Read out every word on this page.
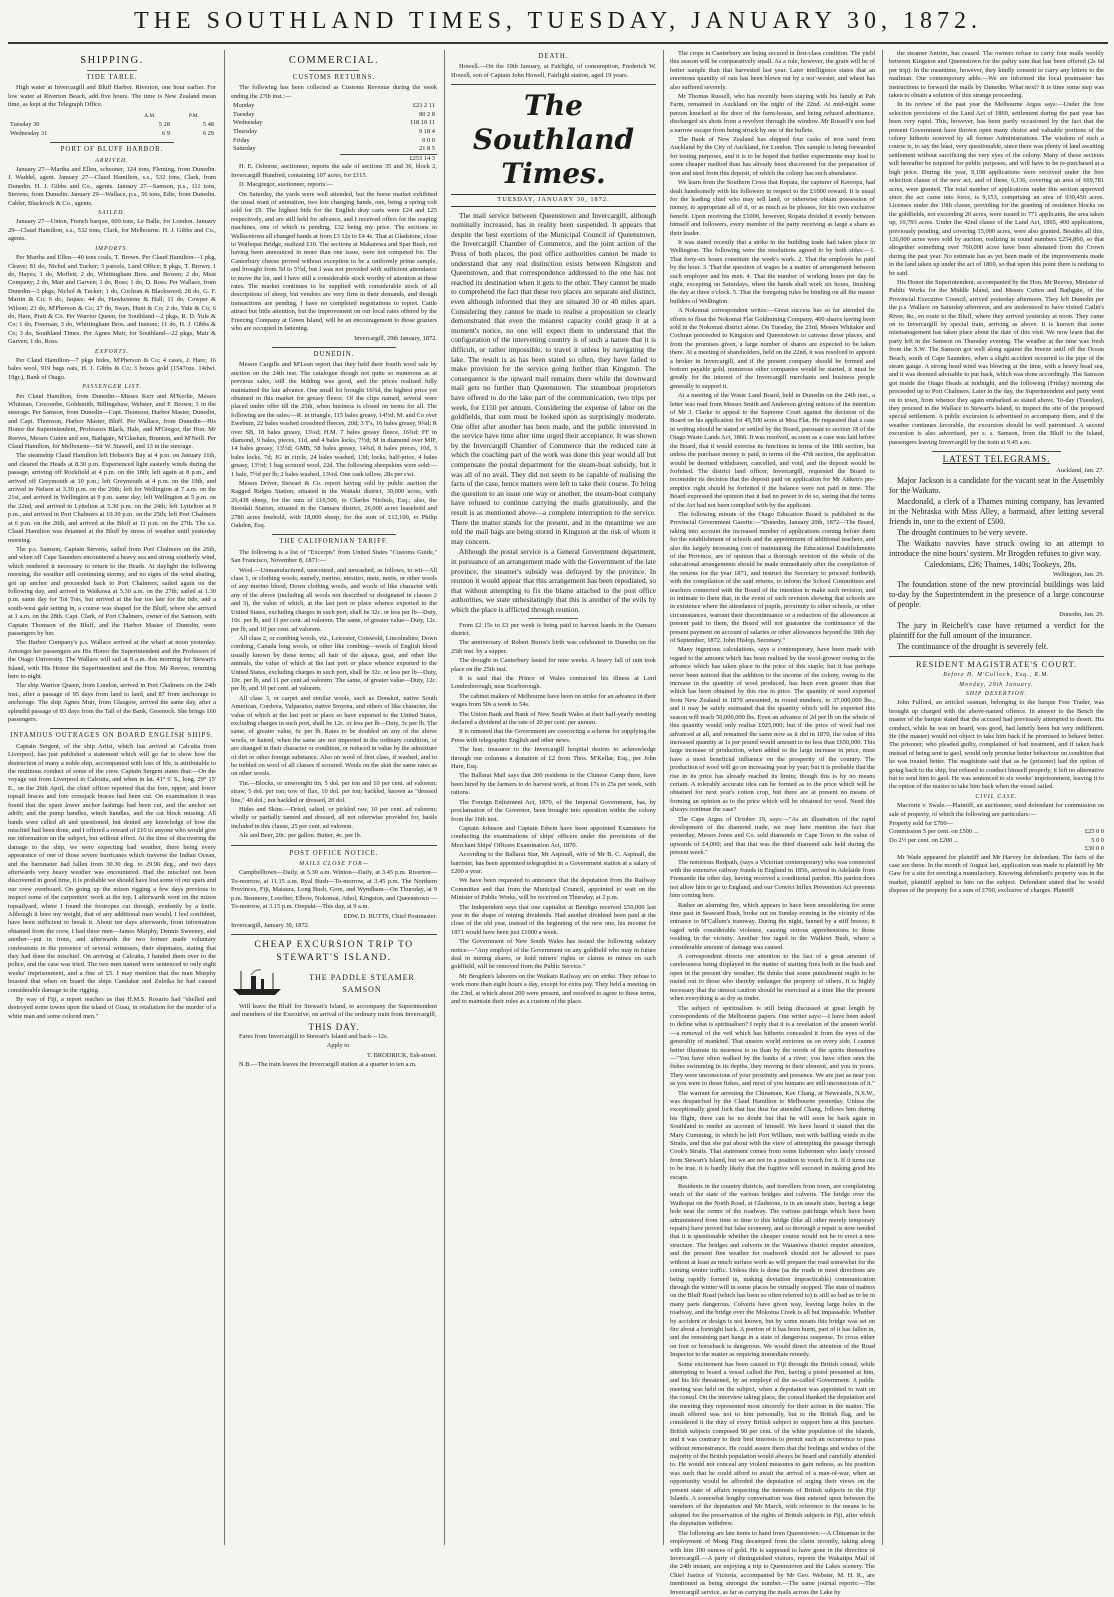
THE SOUTHLAND TIMES, TUESDAY, JANUARY 30, 1872.
SHIPPING.
TIDE TABLE.

High water at Invercargill and Bluff Harbor. Riverton, one hour earlier. For low water at Riverton Beach, add five hours. The time is New Zealand mean time, as kept at the Telegraph Office.

	A.M.	P.M.
Tuesday 30	5 28	5 48
Wednesday 31	6 9	6 29
PORT OF BLUFF HARBOR.
ARRIVED.

January 27—Martha and Ellen, schooner, 124 tons, Fleming, from Dunedin. J. Waddel, agent. January 27—Claud Hamilton, s.s., 532 tons, Clark, from Dunedin. H. J. Gibbs and Co., agents. January 27—Samson, p.s., 111 tons, Stevens, from Dunedin. January 29—Wallace, p.s., 56 tons, Edie, from Dunedin. Cabler, Blackrock & Co., agents.

SAILED.

January 27—Union, French barque, 600 tons, Le Balle, for London. January 29—Claud Hamilton, s.s., 532 tons, Clark, for Melbourne. H. J. Gibbs and Co., agents.

IMPORTS.

Per Martha and Ellen—40 tons coals, T. Brown. Per Claud Hamilton—1 pkg, Cleave; 81 do, Nichol and Tucker; 3 parcels, Land Office; 8 pkgs, T. Brown; 1 do, Hayes; 1 do, Moffett; 2 do, Whittingham Bros. and Bowen; 2 do, Meat Company; 2 do, Mair and Garven; 1 do, Ross; 1 do, D. Ross. Per Wallace, from Dunedin—3 pkgs, Nichol & Tucker; 1 do, Cochran & Blackwood; 28 do, G. F. Martin & Co; 6 do, Jaques; 44 do, Hawkestone & Hall; 11 do, Cowper & Wilson; 23 do, M'Pherson & Co; 27 do, Swan, Hunt & Co; 2 do, Yule & Co; 6 do, Hare, Pratt & Co. Per Warrior Queen, for Southland—2 pkgs, R. D. Yule & Co; 1 do, Freeman; 3 do, Whittingham Bros. and Instone; 11 do, H. J. Gibbs & Co; 3 do, Southland Times. Per Agnes Muir, for Southland—22 pkgs, Mair & Garven; 1 do, Ross.

EXPORTS.

Per Claud Hamilton—7 pkgs hides, M'Pherson & Co; 4 cases, J. Hare; 16 bales wool, 919 bags oats, H. J. Gibbs & Co; 3 boxes gold (1547ozs. 14dwt. 19gr.), Bank of Otago.

PASSENGER LIST.

Per Claud Hamilton, from Dunedin—Misses Kerr and M'Kerlie, Messrs Whitman, Crocombe, Goldsmith, Billingshaw, Webster, and F. Brown; 3 in the steerage. Per Samson, from Dunedin—Capt. Thomson, Harbor Master, Dunedin, and Capt. Thomson, Harbor Master, Bluff. Per Wallace, from Dunedin—His Honor the Superintendent, Professors Black, Hale, and M'Gregor, the Hon. Mr Reeves, Messrs Cutten and son, Bathgate, M'Glashan, Brunton, and M'Neill. Per Claud Hamilton, for Melbourne—Sir W. Stawell, and 13 in the steerage.

The steamship Claud Hamilton left Hobson's Bay at 4 p.m. on January 11th, and cleared the Heads at 8.30 p.m. Experienced light easterly winds during the passage, arriving off Rockfield at 4 p.m. on the 18th; left again at 8 p.m., and arrived off Greymouth at 10 p.m.; left Greymouth at 4 p.m. on the 19th, and arrived in Nelson at 3.30 p.m. on the 20th; left for Wellington at 7 a.m. on the 21st, and arrived in Wellington at 9 p.m. same day; left Wellington at 5 p.m. on the 22nd, and arrived in Lyttelton at 5.30 p.m. on the 24th; left Lyttelton at 9 p.m., and arrived in Port Chalmers at 10.30 p.m. on the 25th; left Port Chalmers at 6 p.m. on the 26th, and arrived at the Bluff at 11 p.m. on the 27th. The s.s. Claud Hamilton was detained at the Bluff by stress of weather until yesterday morning.

The p.s. Samson, Captain Stevens, sailed from Port Chalmers on the 26th, and when off Cape Saunders encountered a heavy sea and strong southerly wind, which rendered it necessary to return to the Heads. At daylight the following morning, the weather still continuing stormy, and no signs of the wind abating, got up anchor and proceeded back to Port Chalmers; sailed again on the following day, and arrived in Waikawa at 5.30 a.m. on the 27th; sailed at 1.30 p.m. same day for Toi Tois, but arrived at the bar too late for the tide, and a south-west gale setting in, a course was shaped for the Bluff, where she arrived at 1 a.m. on the 28th. Capt. Clark, of Port Chalmers, owner of the Samson, with Captain Thomson of the Bluff, and the Harbor Master of Dunedin, were passengers by her.

The Harbor Company's p.s. Wallace arrived at the wharf at noon yesterday. Amongst her passengers are His Honor the Superintendent and the Professors of the Otago University. The Wallace will sail at 8 a.m. this morning for Stewart's Island, with His Honor the Superintendent and the Hon. Mr Reeves, returning here to-night.

The ship Warrior Queen, from London, arrived in Port Chalmers on the 24th inst., after a passage of 95 days from land to land, and 87 from anchorage to anchorage. The ship Agnes Muir, from Glasgow, arrived the same day, after a splendid passage of 83 days from the Tail of the Bank, Greenock. She brings 160 passengers.

INFAMOUS OUTRAGES ON BOARD ENGLISH SHIPS.

Captain Sergent, of the ship Artist, which has arrived at Calcutta from Liverpool, has just published a statement which will go far to show how the destruction of many a noble ship, accompanied with loss of life, is attributable to the mutinous conduct of some of the crew. Captain Sergent states that:—On the voyage out from Liverpool to Calcutta, and when in lat. 41° 6' S., long. 29° 15' E., on the 26th April, the chief officer reported that the fore, upper, and lower topsail braces and fore crossjack braces had been cut. On examination it was found that the spare lower anchor lashings had been cut, and the anchor set adrift; and the pump handles, winch handles, and the cat block missing. All hands were called aft and questioned, but denied any knowledge of how the mischief had been done, and I offered a reward of £10 to anyone who would give me information on the subject, but without effect. At the time of discovering the damage to the ship, we were expecting bad weather, there being every appearance of one of those severe hurricanes which traverse the Indian Ocean, and the barometer had fallen from 30.30 deg. to 29.96 deg., and two days afterwards very heavy weather was encountered. Had the mischief not been discovered in good time, it is probable we should have lost some of our spars and our crew overboard. On going up the mizen rigging a few days previous to inspect some of the carpenters' work at the top, I afterwards went on the mizen topsailyard, where I found the footropes cut through, evidently by a knife. Although it bore my weight, that of any additional man would, I feel confident, have been sufficient to break it. About ten days afterwards, from information obtained from the crew, I had three men—James Murphy, Dennis Sweeney, and another—put in irons, and afterwards the two former made voluntary confessions in the presence of several witnesses, their shipmates, stating that they had done the mischief. On arriving at Calcutta, I handed them over to the police, and the case was tried. The two men named were sentenced to only eight weeks' imprisonment, and a fine of £5. I may mention that the man Murphy boasted that when on board the ships Candahar and Zuleika he had caused considerable damage to the rigging.

By way of Fiji, a report reaches us that H.M.S. Rosario had "shelled and destroyed some towns upon the island of Guau, in retaliation for the murder of a white man and some colored men."

COMMERCIAL.
CUSTOMS RETURNS.

The following has been collected as Customs Revenue during the week ending the 27th inst.:—

Monday	£23 2 11
Tuesday	80 2 8
Wednesday	118 10 11
Thursday	9 18 4
Friday	0 0 0
Saturday	21 8 5
	£253 14 3

H. E. Osborne, auctioneer, reports the sale of sections 35 and 36, block 2, Invercargill Hundred, containing 107 acres, for £115.

D. Macgregor, auctioneer, reports:—

On Saturday, the yards were well attended, but the horse market exhibited the usual want of animation, two lots changing hands, one, being a spring colt sold for £9. The highest bids for the English dray carts were £24 and £25 respectively, and are still held for advance, and I received offers for the reaping machines, one of which is pending, £32 being my price. The sections in Wallacetown all changed hands at from £3 12s to £4 4s. That at Gladstone, close to Waihopai Bridge, realized £10. The sections at Makarewa and Spar Bush, not having been announced in more than one issue, were not competed for. The Canterbury cheese proved without exception to be a uniformly prime sample, and brought from 5d to 5½d, but I was not provided with sufficient attendance to move the lot, and I have still a considerable stock worthy of attention at these rates. The market continues to be supplied with considerable stock of all descriptions of sheep, but vendors are very firm in their demands, and though transactions are pending, I have no completed negotiations to report. Cattle attract but little attention, but the improvement on our local rates offered by the Freezing Company at Green Island, will be an encouragement to those graziers who are occupied in fattening.

Invercargill, 29th January, 1872.

DUNEDIN.

Messrs Cargills and M'Lean report that they held their fourth wool sale by auction on the 24th inst. The catalogue though not quite so numerous as at previous sales, still the bidding was good, and the prices realised fully maintained the late advance. One small lot brought 16¾d, the highest price yet obtained in this market for greasy fleece. Of the clips named, several were placed under offer till the 25th, when business is closed on terms for all. The following are the sales:—R. in triangle, 115 bales greasy, 14½d; M. and Co over Ewebum, 22 bales washed crossbred fleeces, 20d; 3 T's, 16 bales greasy, 9¾d; R over SB, 18 bales greasy, 13¼d; H.M. 7 bales greasy fleece, 16¾d; FF in diamond, 9 bales, pieces, 11d, and 4 bales locks, 7½d; M in diamond over MIF, 14 bales greasy, 13½d; GMB, 58 bales greasy, 14¾d, 8 bales pieces, 10d, 3 bales locks, 7d; JG in circle, 24 bales washed, 13d; locks, half-price, 4 bales greasy, 13½d; 1 bag scoured wool, 22d. The following sheepskins were sold:—1 bale, 7½d per lb; 2 bales washed, 13¼d. One cask tallow, 28s per cwt.

Messrs Driver, Stewart & Co. report having sold by public auction the Ragged Ridges Station, situated in the Waitaki district, 30,000 acres, with 26,438 sheep, for the sum of £16,500, to Charles Nichols, Esq.; also, the Stoodali Station, situated in the Oamaru district, 26,000 acres leasehold and 2780 acres freehold, with 18,000 sheep, for the sum of £12,100, to Philip Oakden, Esq.

THE CALIFORNIAN TARIFF.

The following is a list of "Excerpts" from United States "Customs Guide," San Francisco, November 8, 1871:—

Wool.—Unmanufactured, unscoured, and unwashed, as follows, to wit—All class 1, or clothing wools, namely, merino, mestizo, metz, metis, or other wools of any merino blood, Down clothing wools, and wools of like character with any of the above (including all wools not described or designated in classes 2 and 3), the value of which, at the last port or place whence exported to the United States, excluding charges in such port, shall be 32c. or less per lb—Duty, 10c. per lb, and 11 per cent. ad valorem. The same, of greater value—Duty, 12c. per lb, and 10 per cent. ad valorem.

All class 2, or combing wools, viz., Leicester, Cotswold, Lincolnshire, Down combing, Canada long wools, or other like combing—wools of English blood usually known by these terms; all hair of the alpaca, goat, and other like animals, the value of which at the last port or place whence exported to the United States, excluding charges in such port, shall be 32c. or less per lb—Duty, 10c. per lb, and 11 per cent ad valorem. The same, of greater value—Duty, 12c. per lb, and 10 per cent. ad valorem.

All class 3, or carpet and similar wools, such as Donskoi, native South American, Cordova, Valparaiso, native Smyrna, and others of like character, the value of which at the last port or place so have exported to the United States, excluding charges in such port, shall be 12c. or less per lb—Duty, 3c per lb. The same, of greater value, 6c per lb. Rates to be doubled on any of the above wools, or haired, when the same are not imported in the ordinary condition, or are changed in their character or condition, or reduced in value by the admixture of dirt or other foreign substance. Also on wool of first class, if washed, and to be trebled on wool of all classes if scoured. Wools on the skin the same rates as on other wools.

Tin.—Blocks, or unwrought tin, 5 dol. per ton and 10 per cent. ad valorem; straw, 5 dol. per ton; tow of flax, 10 dol. per ton; hackled, known as "dressed line," 40 dol.; not hackled or dressed, 20 dol.

Hides and Skins.—Dried, salted, or pickled raw, 10 per cent. ad valorem; wholly or partially tanned and dressed, all not otherwise provided for, basils included in this clause, 25 per cent. ad valorem.

Ale and Beer, 20c. per gallon. Butter, 4c. per lb.

POST OFFICE NOTICE.
MAILS CLOSE FOR—

Campbelltown—Daily, at 5.30 a.m. Winton—Daily, at 3.45 p.m. Riverton—To-morrow, at 11.15 a.m. Ryal Bush—To-morrow, at 3.45 p.m. The Northern Provinces, Fiji, Mataura, Long Bush, Gore, and Wyndham—On Thursday, at 9 p.m. Benmore, Lowther, Elbow, Nokomai, Athol, Kingston, and Queenstown — To-morrow, at 3.15 p.m. Orepuki—This day, at 9 a.m.

EDW. D. BUTTS, Chief Postmaster.

Invercargill, January 30, 1872.

CHEAP EXCURSION TRIP TO STEWART'S ISLAND.
THE PADDLE STEAMER
SAMSON

Will leave the Bluff for Stewart's Island, to accompany the Superintendent and members of the Executive, on arrival of the ordinary train from Invercargill,

THIS DAY.

Fares from Invercargill to Stewart's Island and back—12s.

Apply to

T. BRODRICK, Esk-street.

N.B.—The train leaves the Invercargill station at a quarter to ten a.m.

DEATH.

Howell.—On the 19th January, at Fairlight, of consumption, Frederick W. Howell, son of Captain John Howell, Fairlight station, aged 19 years.

The Southland Times.
TUESDAY, JANUARY 30, 1872.

The mail service between Queenstown and Invercargill, although nominally increased, has in reality been suspended. It appears that despite the best exertions of the Municipal Council of Queenstown, the Invercargill Chamber of Commerce, and the joint action of the Press of both places, the post office authorities cannot be made to understand that any real distinction exists between Kingston and Queenstown, and that correspondence addressed to the one has not reached its destination when it gets to the other. They cannot be made to comprehend the fact that these two places are separate and distinct, even although informed that they are situated 30 or 40 miles apart. Considering they cannot be made to realise a proposition so clearly demonstrated that even the meanest capacity could grasp it at a moment's notice, no one will expect them to understand that the configuration of the intervening country is of such a nature that it is difficult, or rather impossible, to travel it unless by navigating the lake. The result is as has been stated so often, they have failed to make provision for the service going further than Kingston. The consequence is the upward mail remains there while the downward mail gets no further than Queenstown. The steamboat proprietors have offered to do the lake part of the communication, two trips per week, for £150 per annum. Considering the expense of labor on the goldfields, that sum must be looked upon as surprisingly moderate. One offer after another has been made, and the public interested in the service have time after time urged their acceptance. It was shown by the Invercargill Chamber of Commerce that the reduced rate at which the coaching part of the work was done this year would all but compensate the postal department for the steam-boat subsidy, but it was all of no avail. They did not seem to be capable of realising the facts of the case, hence matters were left to take their course. To bring the question to an issue one way or another, the steam-boat company have refused to continue carrying the mails gratuitously, and the result is as mentioned above—a complete interruption to the service. There the matter stands for the present, and in the meantime we are told the mail bags are being stored in Kingston at the risk of whom it may concern.

Although the postal service is a General Government department, in pursuance of an arrangement made with the Government of the late province, the steamer's subsidy was defrayed by the province. In reunion it would appear that this arrangement has been repudiated, so that without attempting to fix the blame attached to the post office authorities, we state unhesitatingly that this is another of the evils by which the place is afflicted through reunion.

From £2 15s to £3 per week is being paid to harvest hands in the Oamaru district.

The anniversary of Robert Burns's birth was celebrated in Dunedin on the 25th inst. by a supper.

The drought in Canterbury lasted for nine weeks. A heavy fall of rain took place on the 25th inst.

It is said that the Prince of Wales contracted his illness at Lord Londesborough, near Scarborough.

The cabinet makers of Melbourne have been on strike for an advance in their wages from 50s a week to 54s.

The Union Bank and Bank of New South Wales at their half-yearly meeting declared a dividend at the rate of 20 per cent. per annum.

It is rumored that the Government are concocting a scheme for supplying the Press with telegraphic English and other news.

The hon. treasurer to the Invercargill hospital desires to acknowledge through our columns a donation of £2 from Thos. M'Kellar, Esq., per John Hare, Esq.

The Ballarat Mail says that 200 residents in the Chinese Camp there, have been hired by the farmers to do harvest work, at from 17s to 25s per week, with rations.

The Foreign Enlistment Act, 1870, of the Imperial Government, has, by proclamation of the Governor, been brought into operation within the colony from the 16th inst.

Captain Johnson and Captain Edwin have been appointed Examiners for conducting the examinations of ships' officers under the provisions of the Merchant Ships' Officers Examination Act, 1870.

According to the Ballarat Star, Mr Aspinall, wife of Mr B. C. Aspinall, the barrister, has been appointed telegraphist in a Government station at a salary of £200 a year.

We have been requested to announce that the deputation from the Railway Committee and that from the Municipal Council, appointed to wait on the Minister of Public Works, will be received on Thursday, at 2 p.m.

The Independent says that one capitalist at Bendigo received £50,000 last year in the shape of mining dividends. Had another dividend been paid at the close of the old year, instead of the beginning of the new one, his income for 1871 would have been just £1000 a week.

The Government of New South Wales has issued the following salutary notice:—"Any employé of the Government on any goldfield who may in future deal in mining shares, or hold miners' rights or claims to mines on such goldfield, will be removed from the Public Service."

Mr Brogden's laborers on the Waikato Railway are on strike. They refuse to work more than eight hours a day, except for extra pay. They held a meeting on the 23rd, at which about 200 were present, and resolved to agree to these terms, and to maintain their rules as a custom of the place.

The crops in Canterbury are being secured in first-class condition. The yield this season will be comparatively small. As a rule, however, the grain will be of better sample than that harvested last year. Later intelligence states that an enormous quantity of oats has been blown out by a nor'-wester, and wheat has also suffered severely.

Mr Thomas Russell, who has recently been staying with his family at Pah Farm, remained in Auckland on the night of the 22nd. At mid-night some person knocked at the door of the farm-house, and being refused admittance, discharged six shots from a revolver through the window. Mr Russell's son had a narrow escape from being struck by one of the bullets.

The Bank of New Zealand has shipped four casks of iron sand from Auckland by the City of Auckland, for London. This sample is being forwarded for testing purposes, and it is to be hoped that further experiments may lead to some cheaper method than has already been discovered for the preparation of iron and steel from this deposit, of which the colony has such abundance.

We learn from the Southern Cross that Ropata, the capturer of Kereopa, had dealt handsomely with his followers in respect to the £1000 reward. It is usual for the leading chief who may sell land, or otherwise obtain possession of money, to appropriate all of it, or as much as he pleases, for his own exclusive benefit. Upon receiving the £1000, however, Ropata divided it evenly between himself and followers, every member of the party receiving as large a share as their leader.

It was stated recently that a strike in the building trade had taken place in Wellington. The following were the resolutions agreed to by both sides:—1. That forty-six hours constitute the week's work. 2. That the employés be paid by the hour. 3. That the question of wages be a matter of arrangement between each employer and his men. 4. That the number of working hours per day be eight, excepting on Saturdays, when the hands shall work six hours, finishing the day at three o'clock. 5. That the foregoing rules be binding on all the master builders of Wellington.

A Nokomai correspondent writes:—Great success has so far attended the efforts to float the Nokomai Flat Goldmining Company, 400 shares having been sold in the Nokomai district alone. On Tuesday, the 23rd, Messrs Whitaker and Cochran proceeded to Kingston and Queenstown to canvass those places, and from the promises given, a large number of shares are expected to be taken there. At a meeting of shareholders, held on the 22nd, it was resolved to appoint a broker in Invercargill, and if the present company should be formed and bottom payable gold, numerous other companies would be started, it must be greatly for the interest of the Invercargill merchants and business people generally to support it.

At a meeting of the Waste Land Board, held in Dunedin on the 24th inst., a letter was read from Messrs Smith and Anderson giving notices of the intention of Mr J. Clarke to appeal to the Supreme Court against the decision of the Board on his application for 45,500 acres at Moa Flat. He requested that a case in writing should be stated or settled by the Board, pursuant to section 18 of the Otago Waste Lands Act, 1866. It was resolved, as soon as a case was laid before the Board, that it would exercise its functions in terms of the 18th section, but unless the purchase money is paid, in terms of the 47th section, the application would be deemed withdrawn, cancelled, and void, and the deposit would be forfeited. The district land officer, Invercargill, requested the Board to reconsider its decision that the deposit paid on application for Mr Aitken's pre-emptive right should be forfeited if the balance were not paid in time. The Board expressed the opinion that it had no power to do so, seeing that the terms of the Act had not been complied with by the applicant.

The following minute of the Otago Education Board is published in the Provincial Government Gazette:—"Dunedin, January 20th, 1872—The Board, taking into account the increased number of applications coming before them for the establishment of schools and the appointment of additional teachers, and also the largely increasing cost of maintaining the Educational Establishments of the Province, are of opinion that a thorough revision of the whole of the educational arrangements should be made immediately after the compilation of the returns for the year 1871, and instruct the Secretary to proceed forthwith with the compilation of the said returns, to inform the School Committees and teachers connected with the Board of the intention to make such revision, and to intimate to them that, in the event of such revision showing that schools are in existence where the attendance of pupils, proximity to other schools, or other circumstances, warrant their discontinuance or a reduction of the allowances at present paid to them, the Board will not guarantee the continuance of the present payment on account of salaries or other allowances beyond the 30th day of September, 1872. John Hislop, Secretary."

Many ingenious calculations, says a contemporary, have been made with regard to the amount which has been realised by the wool-grower owing to the advance which has taken place in the price of this staple; but it has perhaps never been noticed that the addition to the income of the colony, owing to the increase in the quantity of wool produced, has been even greater than that which has been obtained by this rise in price. The quantity of wool exported from New Zealand in 1870 amounted, in round numbers, to 37,000,000 lbs.; and it may be safely estimated that the quantity which will be exported this season will reach 50,000,000 lbs. Even an advance of 2d per lb on the whole of this quantity would only realise £925,000; but if the price of wool had not advanced at all, and remained the same now as it did in 1870, the value of this increased quantity at 1s per pound would amount to no less than £650,000. This large increase of production, when added to the large increase in price, must have a most beneficial influence on the prosperity of the country. The production of wool will go on increasing year by year; but it is probable that the rise in its price has already reached its limits; though this is by no means certain. A tolerably accurate idea can be formed as to the price which will be obtained for next year's cotton crop, but there are at present no means of forming an opinion as to the price which will be obtained for wool. Need this always continue the case?

The Cape Argus of October 19, says:—"As an illustration of the rapid development of the diamond trade, we may here mention the fact that yesterday, Messrs Jones and Co. sold diamonds in Cape Town to the value of upwards of £4,000; and that that was the third diamond sale held during the present week."

The notorious Redpath, (says a Victorian contemporary) who was connected with the extensive railway frauds in England in 1856, arrived in Adelaide from Fremantle the other day, having received a conditional pardon. His pardon does not allow him to go to England, and our Convict Influx Prevention Act prevents him coming here.

Rather an alarming fire, which appears to have been smouldering for some time past in Seaward Bush, broke out on Sunday evening in the vicinity of the entrance to M'Callum's tramway. During the night, fanned by a stiff breeze, it raged with considerable violence, causing serious apprehensions to those residing in the vicinity. Another fire raged in the Waikiwi Bush, where a considerable amount of damage was caused.

A correspondent directs our attention to the fact of a great amount of carelessness being displayed in the matter of starting fires both in the bush and open in the present dry weather. He thinks that some punishment ought to be meted out to those who thereby endanger the property of others. It is highly necessary that the utmost caution should be exercised at a time like the present when everything is as dry as tinder.

The subject of spiritualism is still being discussed at great length by correspondents of the Melbourne papers. One writer says:—I have been asked to define what is spiritualism? I reply that it is a revelation of the unseen world—a removal of the veil which has hitherto concealed it from the eyes of the generality of mankind. That unseen world environs us on every side. I cannot better illustrate its nearness to us than by the words of the spirits themselves—"You have often walked by the banks of a river; you have often seen the fishes swimming in its depths, they moving in their element, and you in yours. They were unconscious of your proximity and presence. We are just as near you as you were to those fishes, and most of you humans are still unconscious of it."

The warrant for arresting the Chinaman, Kee Chang, at Newcastle, N.S.W., was despatched by the Claud Hamilton to Melbourne yesterday. Unless the exceptionally good luck that has thus far attended Chang, follows him during his flight, there can be no doubt but that he will soon be back again in Southland to render an account of himself. We have heard it stated that the Mary Cumming, in which he left Port William, met with baffling winds in the Straits, and that she put about with the view of attempting the passage through Cook's Straits. That statement comes from some fishermen who lately crossed from Stewart's Island, but we are not in a position to vouch for it. If it turns out to be true, it is hardly likely that the fugitive will succeed in making good his escape.

Residents in the country districts, and travellers from town, are complaining much of the state of the various bridges and culverts. The bridge over the Waihopai on the North Road, at Gladstone, is in an unsafe state, having a large hole near the centre of the roadway. The various patchings which have been administered from time to time to this bridge (like all other merely temporary repairs) have proved but false economy, and so thorough a repair is now needed that it is questionable whether the cheaper course would not be to erect a new structure. The bridges and culverts in the Waianiwa district require attention, and the present fine weather for roadwork should not be allowed to pass without at least as much surface work as will prepare the road somewhat for the coming winter traffic. Unless this is done (as the roads in most directions are being rapidly formed in, making deviation impracticable) communication through the winter will in some places be virtually stopped. The state of matters on the Bluff Road (which has been so often referred to) is still so bad as to be in many parts dangerous. Culverts have given way, leaving large holes in the roadway, and the bridge over the Mokotua Creek is all but impassable. Whether by accident or design is not known, but by some means this bridge was set on fire about a fortnight back. A portion of it has been burnt, part of it has fallen in, and the remaining part hangs in a state of dangerous suspense. To cross either on foot or horseback is dangerous. We would direct the attention of the Road Inspector to the matter as requiring immediate remedy.

Some excitement has been caused in Fiji through the British consul, while attempting to board a vessel called the Peri, having a pistol presented at him, and his life threatened, by an employé of the so-called Government. A public meeting was held on the subject, when a deputation was appointed to wait on the consul. On the interview taking place, the consul thanked the deputation and the meeting they represented most sincerely for their action in the matter. The insult offered was not to him personally, but to the British flag, and he considered it the duty of every British subject to support him at this juncture. British subjects composed 90 per cent. of the white population of the islands, and it was contrary to their best interests to permit such an occurrence to pass without remonstrance. He could assure them that the feelings and wishes of the majority of the British population would always be heard and carefully attended to. He would not conceal any violent measures to gain redress, as his position was such that he could afford to await the arrival of a man-of-war, when an opportunity would be afforded the deputation of urging their views on the present state of affairs respecting the interests of British subjects in the Fiji Islands. A somewhat lengthy conversation was then entered upon between the members of the deputation and Mr March, with reference to the means to be adopted for the preservation of the rights of British subjects in Fiji, after which the deputation withdrew.

The following are late items to hand from Queenstown:—A Chinaman in the employment of Mong Fing decamped from the claim recently, taking along with him 100 ounces of gold. He is supposed to have gone in the direction of Invercargill.—A party of distinguished visitors, reports the Wakatipu Mail of the 24th instant, are enjoying a trip to Queenstown and the Lakes scenery. The Chief Justice of Victoria, accompanied by Mr Geo. Webster, M. H. R., are mentioned as being amongst the number.—The same journal reports:—The Invercargill service, as far as carrying the mails across the Lake by

the steamer Antrim, has ceased. The owners refuse to carry four mails weekly between Kingston and Queenstown for the paltry sum that has been offered (2s 6d per trip). In the meantime, however, they kindly consent to carry any letters to the mailman. Our contemporary adds:—We are informed the local postmaster has instructions to forward the mails by Dunedin. What next? It is time some step was taken to obtain a solution of this strange proceeding.

In its review of the past year the Melbourne Argus says:—Under the free selection provisions of the Land Act of 1869, settlement during the past year has been very rapid. This, however, has been partly occasioned by the fact that the present Government have thrown open many choice and valuable portions of the colony hitherto reserved by all former Administrations. The wisdom of such a course is, to say the least, very questionable, since there was plenty of land awaiting settlement without sacrificing the very eyes of the colony. Many of these sections will hereafter be required for public purposes, and will have to be re-purchased at a high price. During the year, 9,198 applications were received under the free selection clause of the new act, and of these, 6,136, covering an area of 609,781 acres, were granted. The total number of applications under this section approved since the act came into force, is 9,153, comprising an area of 930,450 acres. Licenses under the 19th clause, providing for the granting of residence blocks on the goldfields, not exceeding 20 acres, were issued to 771 applicants, the area taken up, 10,793 acres. Under the 42nd clause of the Land Act, 1865, 400 applications, previously pending, and covering 15,000 acres, were also granted. Besides all this, 126,000 acres were sold by auction, realizing in round numbers £254,860, so that altogether something over 760,000 acres have been alienated from the Crown during the past year. No estimate has as yet been made of the improvements made in the land taken up under the act of 1869, so that upon this point there is nothing to be said.

His Honor the Superintendent, accompanied by the Hon. Mr Reeves, Minister of Public Works for the Middle Island, and Messrs Cutten and Bathgate, of the Provincial Executive Council, arrived yesterday afternoon. They left Dunedin per the p.s. Wallace on Saturday afternoon, and are understood to have visited Catlin's River, &c, en route to the Bluff, where they arrived yesterday at noon. They came on to Invercargill by special train, arriving as above. It is known that some mismanagement has taken place about the date of this visit. We now learn that the party left in the Samson on Thursday evening. The weather at the time was fresh from the S.W. The Samson got well along against the breeze until off the Ocean Beach, south of Cape Saunders, when a slight accident occurred to the pipe of the steam gauge. A strong head wind was blowing at the time, with a heavy head sea, and it was deemed advisable to put back, which was done accordingly. The Samson got inside the Otago Heads at midnight, and the following (Friday) morning she proceeded up to Port Chalmers. Later in the day, the Superintendent and party went on to town, from whence they again embarked as stated above. To-day (Tuesday), they proceed in the Wallace to Stewart's Island, to inspect the site of the proposed special settlement. A public excursion is advertised to accompany them, and if the weather continues favorable, the excursion should be well patronised. A second excursion is also advertised, per s. s. Samson, from the Bluff to the Island, passengers leaving Invercargill by the train at 9.45 a.m.

LATEST TELEGRAMS.

Auckland, Jan. 27.

Major Jackson is a candidate for the vacant seat in the Assembly for the Waikato.

Macdonald, a clerk of a Thames mining company, has levanted in the Nebraska with Miss Alley, a barmaid, after letting several friends in, one to the extent of £500.

The drought continues to be very severe.

The Waikato navvies have struck owing to an attempt to introduce the nine hours' system. Mr Brogden refuses to give way.

Caledonians, £26; Thames, 140s; Tookeys, 28s.

Wellington, Jan. 29.

The foundation stone of the new provincial buildings was laid to-day by the Superintendent in the presence of a large concourse of people.

Dunedin, Jan. 29.

The jury in Reichelt's case have returned a verdict for the plaintiff for the full amount of the insurance.

The continuance of the drought is severely felt.

RESIDENT MAGISTRATE'S COURT.
Before H. M'Culloch, Esq., R.M.
Monday, 29th January.
SHIP DESERTION.

John Fulford, an articled seaman, belonging to the barque Free Trader, was brought up charged with the above-named offence. In answer to the Bench the master of the barque stated that the accused had previously attempted to desert. His conduct, while he was on board, was good, had latterly been but very indifferent. He (the master) would not object to take him back if he promised to behave better. The prisoner, who pleaded guilty, complained of bad treatment, and if taken back instead of being sent to gaol, would only promise better behaviour on condition that he was treated better. The magistrate said that as he (prisoner) had the option of going back to the ship, but refused to conduct himself properly, it left no alternative but to send him to gaol. He was sentenced to six weeks' imprisonment, leaving it to the option of the master to take him back when the vessel sailed.

CIVIL CASE.

Macrorie v. Swale.—Plaintiff, an auctioneer, sued defendant for commission on sale of property, of which the following are particulars:—

Property sold for £700—
Commission 5 per cent. on £500 ...	£25 0 0
Do 2½ per cent. on £200 ...	5 0 0
£30 0 0

Mr Wade appeared for plaintiff and Mr Harvey for defendant. The facts of the case are these. In the month of August last, application was made to plaintiff by Mr Gaw for a site for erecting a manufactory. Knowing defendant's property was in the market, plaintiff applied to him on the subject. Defendant stated that he would dispose of the property for a sum of £700, exclusive of charges. Plaintiff
